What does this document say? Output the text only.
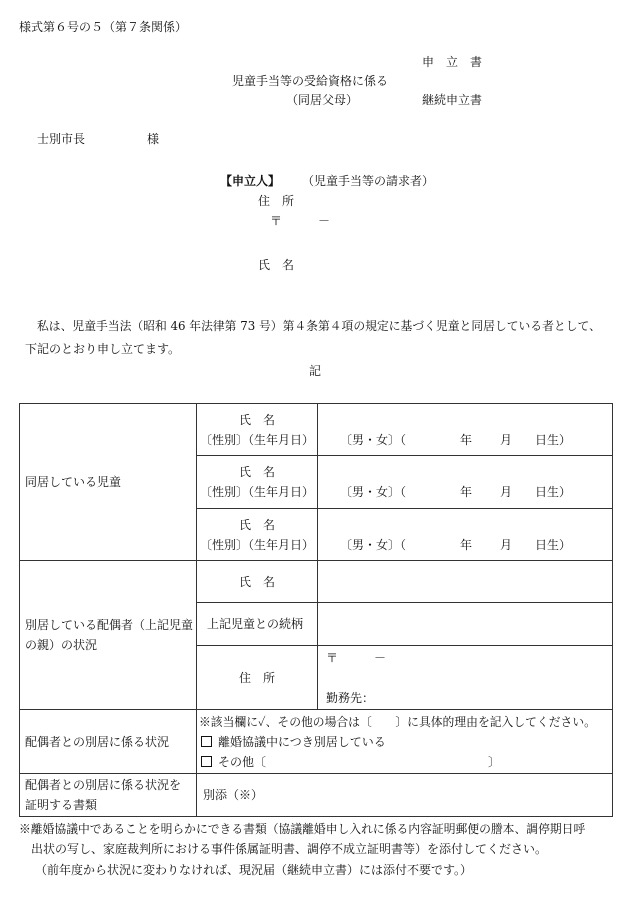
様式第６号の５（第７条関係）
申　立　書
児童手当等の受給資格に係る
（同居父母）	継続申立書
士別市長	様
【申立人】 （児童手当等の請求者）
住　所
〒	－
氏　名
私は、児童手当法（昭和 46 年法律第 73 号）第４条第４項の規定に基づく児童と同居している者として、
下記のとおり申し立てます。
記
同居している児童	氏　名
〔性別〕（生年月日）	〔男・女〕（ 年 月 日生）

	氏　名
〔性別〕（生年月日）	〔男・女〕（ 年 月 日生）

	氏　名
〔性別〕（生年月日）	〔男・女〕（ 年 月 日生）

別居している配偶者（上記児童
の親）の状況	氏　名	

	上記児童との続柄	

	住　所	〒 －

勤務先：

配偶者との別居に係る状況	※該当欄に✓、その他の場合は〔　　〕に具体的理由を記入してください。
離婚協議中につき別居している
その他〔 〕	

配偶者との別居に係る状況を
証明する書類	別添（※）	
※離婚協議中であることを明らかにできる書類（協議離婚申し入れに係る内容証明郵便の謄本、調停期日呼
出状の写し、家庭裁判所における事件係属証明書、調停不成立証明書等）を添付してください。
（前年度から状況に変わりなければ、現況届（継続申立書）には添付不要です。）
